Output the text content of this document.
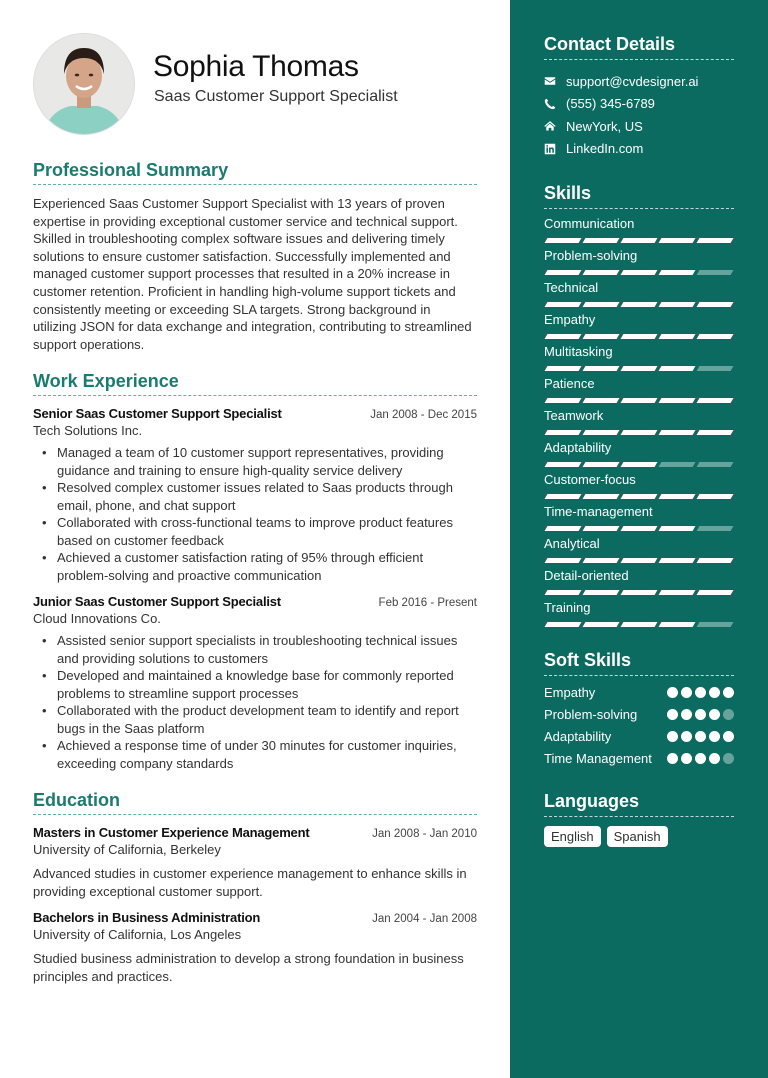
Sophia Thomas
Saas Customer Support Specialist
Professional Summary

Experienced Saas Customer Support Specialist with 13 years of proven expertise in providing exceptional customer service and technical support. Skilled in troubleshooting complex software issues and delivering timely solutions to ensure customer satisfaction. Successfully implemented and managed customer support processes that resulted in a 20% increase in customer retention. Proficient in handling high-volume support tickets and consistently meeting or exceeding SLA targets. Strong background in utilizing JSON for data exchange and integration, contributing to streamlined support operations.

Work Experience
Senior Saas Customer Support Specialist	Jan 2008 - Dec 2015
Tech Solutions Inc.
• Managed a team of 10 customer support representatives, providing guidance and training to ensure high-quality service delivery
• Resolved complex customer issues related to Saas products through email, phone, and chat support
• Collaborated with cross-functional teams to improve product features based on customer feedback
• Achieved a customer satisfaction rating of 95% through efficient problem-solving and proactive communication
Junior Saas Customer Support Specialist	Feb 2016 - Present
Cloud Innovations Co.
• Assisted senior support specialists in troubleshooting technical issues and providing solutions to customers
• Developed and maintained a knowledge base for commonly reported problems to streamline support processes
• Collaborated with the product development team to identify and report bugs in the Saas platform
• Achieved a response time of under 30 minutes for customer inquiries, exceeding company standards
Education
Masters in Customer Experience Management	Jan 2008 - Jan 2010
University of California, Berkeley

Advanced studies in customer experience management to enhance skills in providing exceptional customer support.

Bachelors in Business Administration	Jan 2004 - Jan 2008
University of California, Los Angeles

Studied business administration to develop a strong foundation in business principles and practices.

Contact Details
support@cvdesigner.ai
(555) 345-6789
NewYork, US
LinkedIn.com
Skills
Communication
Problem-solving
Technical
Empathy
Multitasking
Patience
Teamwork
Adaptability
Customer-focus
Time-management
Analytical
Detail-oriented
Training
Soft Skills
Empathy
Problem-solving
Adaptability
Time Management
Languages
English	Spanish
